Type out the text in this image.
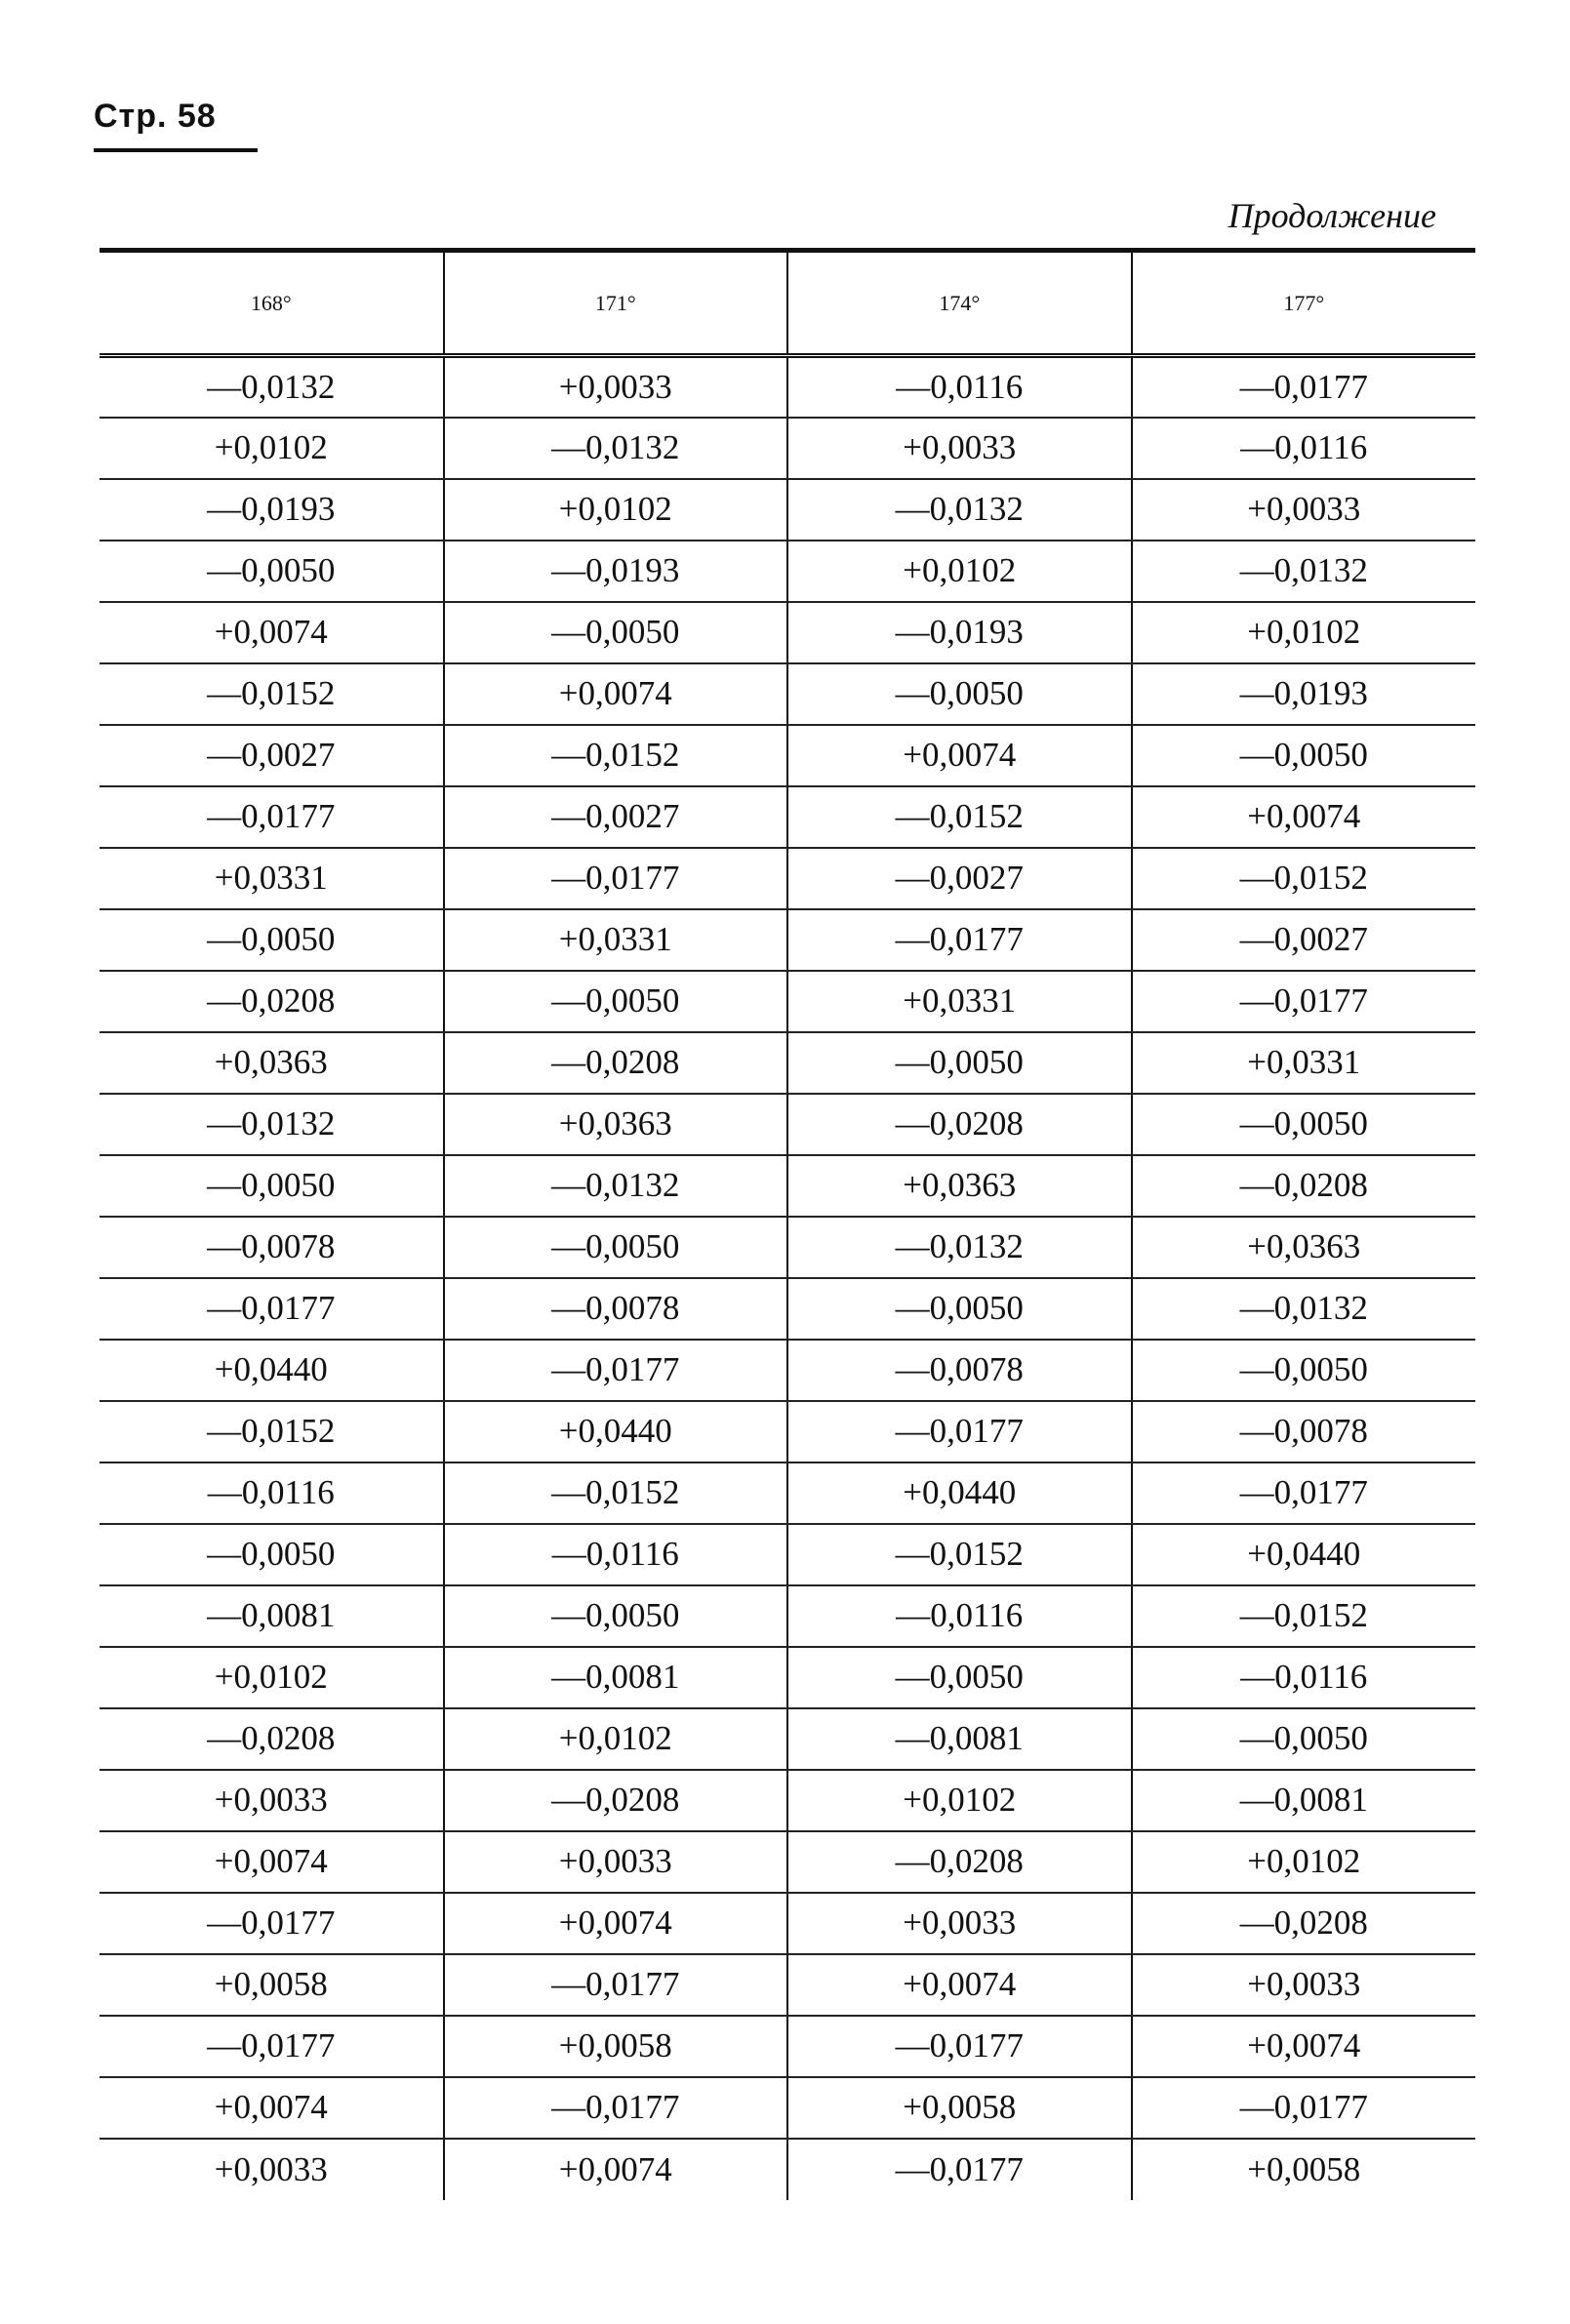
Стр. 58
Продолжение
168°	171°	174°	177°
—0,0132	+0,0033	—0,0116	—0,0177
+0,0102	—0,0132	+0,0033	—0,0116
—0,0193	+0,0102	—0,0132	+0,0033
—0,0050	—0,0193	+0,0102	—0,0132
+0,0074	—0,0050	—0,0193	+0,0102
—0,0152	+0,0074	—0,0050	—0,0193
—0,0027	—0,0152	+0,0074	—0,0050
—0,0177	—0,0027	—0,0152	+0,0074
+0,0331	—0,0177	—0,0027	—0,0152
—0,0050	+0,0331	—0,0177	—0,0027
—0,0208	—0,0050	+0,0331	—0,0177
+0,0363	—0,0208	—0,0050	+0,0331
—0,0132	+0,0363	—0,0208	—0,0050
—0,0050	—0,0132	+0,0363	—0,0208
—0,0078	—0,0050	—0,0132	+0,0363
—0,0177	—0,0078	—0,0050	—0,0132
+0,0440	—0,0177	—0,0078	—0,0050
—0,0152	+0,0440	—0,0177	—0,0078
—0,0116	—0,0152	+0,0440	—0,0177
—0,0050	—0,0116	—0,0152	+0,0440
—0,0081	—0,0050	—0,0116	—0,0152
+0,0102	—0,0081	—0,0050	—0,0116
—0,0208	+0,0102	—0,0081	—0,0050
+0,0033	—0,0208	+0,0102	—0,0081
+0,0074	+0,0033	—0,0208	+0,0102
—0,0177	+0,0074	+0,0033	—0,0208
+0,0058	—0,0177	+0,0074	+0,0033
—0,0177	+0,0058	—0,0177	+0,0074
+0,0074	—0,0177	+0,0058	—0,0177
+0,0033	+0,0074	—0,0177	+0,0058
